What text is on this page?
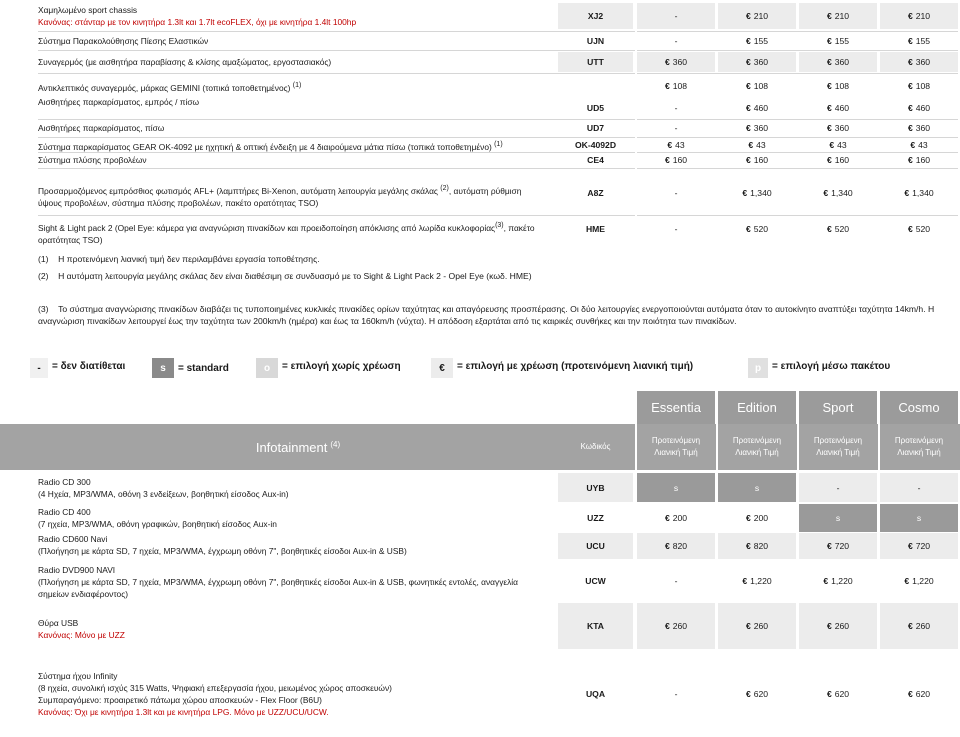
Χαμηλωμένο sport chassis
Κανόνας: στάνταρ με τον κινητήρα 1.3lt και 1.7lt ecoFLEX, όχι με κινητήρα 1.4lt 100hp
XJ2	-	€ 210	€ 210	€ 210
Σύστημα Παρακολούθησης Πίεσης Ελαστικών	UJN	-	€ 155	€ 155	€ 155
Συναγερμός (με αισθητήρα παραβίασης & κλίσης αμαξώματος, εργοστασιακός)	UTT	€ 360	€ 360	€ 360	€ 360
Αντικλεπτικός συναγερμός, μάρκας GEMINI (τοπικά τοποθετημένος) $^{(1)}$	€ 108	€ 108	€ 108	€ 108
Αισθητήρες παρκαρίσματος, εμπρός / πίσω
UD5	-	€ 460	€ 460	€ 460
Αισθητήρες παρκαρίσματος, πίσω	UD7	-	€ 360	€ 360	€ 360
Σύστημα παρκαρίσματος GEAR OK-4092 με ηχητική & οπτική ένδειξη με 4 διαιρούμενα μάτια πίσω (τοπικά τοποθετημένο) $^{(1)}$	OK-4092D	€ 43	€ 43	€ 43	€ 43
Σύστημα πλύσης προβολέων	CE4	€ 160	€ 160	€ 160	€ 160
Προσαρμοζόμενος εμπρόσθιος φωτισμός AFL+ (λαμπτήρες Bi-Xenon, αυτόματη λειτουργία μεγάλης σκάλας $^{(2)}$, αυτόματη ρύθμιση
ύψους προβολέων, σύστημα πλύσης προβολέων, πακέτο ορατότητας TSO)
A8Z	-	€ 1,340	€ 1,340	€ 1,340
Sight & Light pack 2 (Opel Eye: κάμερα για αναγνώριση πινακίδων και προειδοποίηση απόκλισης από λωρίδα κυκλοφορίας$^{(3)}$, πακέτο
ορατότητας TSO)
HME	-	€ 520	€ 520	€ 520
(1) Η προτεινόμενη λιανική τιμή δεν περιλαμβάνει εργασία τοποθέτησης.
(2) Η αυτόματη λειτουργία μεγάλης σκάλας δεν είναι διαθέσιμη σε συνδυασμό με το Sight & Light Pack 2 - Opel Eye (κωδ. HME)
(3) Το σύστημα αναγνώρισης πινακίδων διαβάζει τις τυποποιημένες κυκλικές πινακίδες ορίων ταχύτητας και απαγόρευσης προσπέρασης. Οι δύο λειτουργίες ενεργοποιούνται αυτόματα όταν το αυτοκίνητο αναπτύξει ταχύτητα 14km/h. Η
αναγνώριση πινακίδων λειτουργεί έως την ταχύτητα των 200km/h (ημέρα) και έως τα 160km/h (νύχτα). Η απόδοση εξαρτάται από τις καιρικές συνθήκες και την ποιότητα των πινακίδων.
-	= δεν διατίθεται	s	= standard	o	= επιλογή χωρίς χρέωση	€	= επιλογή με χρέωση (προτεινόμενη λιανική τιμή)	p	= επιλογή μέσω πακέτου
Essentia	Edition	Sport	Cosmo
Infotainment $^{(4)}$	Κωδικός
Προτεινόμενη
Λιανική Τιμή
Προτεινόμενη
Λιανική Τιμή
Προτεινόμενη
Λιανική Τιμή
Προτεινόμενη
Λιανική Τιμή
Radio CD 300
(4 Ηχεία, MP3/WMA, οθόνη 3 ενδείξεων, βοηθητική είσοδος Aux-in)
UYB	s	s	-	-
Radio CD 400
(7 ηχεία, MP3/WMA, οθόνη γραφικών, βοηθητική είσοδος Aux-in
UZZ	€ 200	€ 200	s	s
Radio CD600 Navi
(Πλοήγηση με κάρτα SD, 7 ηχεία, MP3/WMA, έγχρωμη οθόνη 7", βοηθητικές είσοδοι Aux-in & USB)	UCU	€ 820	€ 820	€ 720	€ 720
Radio DVD900 NAVI
(Πλοήγηση με κάρτα SD, 7 ηχεία, MP3/WMA, έγχρωμη οθόνη 7", βοηθητικές είσοδοι Aux-in & USB, φωνητικές εντολές, αναγγελία
σημείων ενδιαφέροντος)
UCW	-	€ 1,220	€ 1,220	€ 1,220
Θύρα USB
Κανόνας: Μόνο με UZZ
KTA	€ 260	€ 260	€ 260	€ 260
Σύστημα ήχου Infinity
(8 ηχεία, συνολική ισχύς 315 Watts, Ψηφιακή επεξεργασία ήχου, μειωμένος χώρος αποσκευών)
Συμπαραγόμενο: προαιρετικό πάτωμα χώρου αποσκευών - Flex Floor (B6U)
Κανόνας: Όχι με κινητήρα 1.3lt και με κινητήρα LPG. Μόνο με UZZ/UCU/UCW.
UQA	-	€ 620	€ 620	€ 620
